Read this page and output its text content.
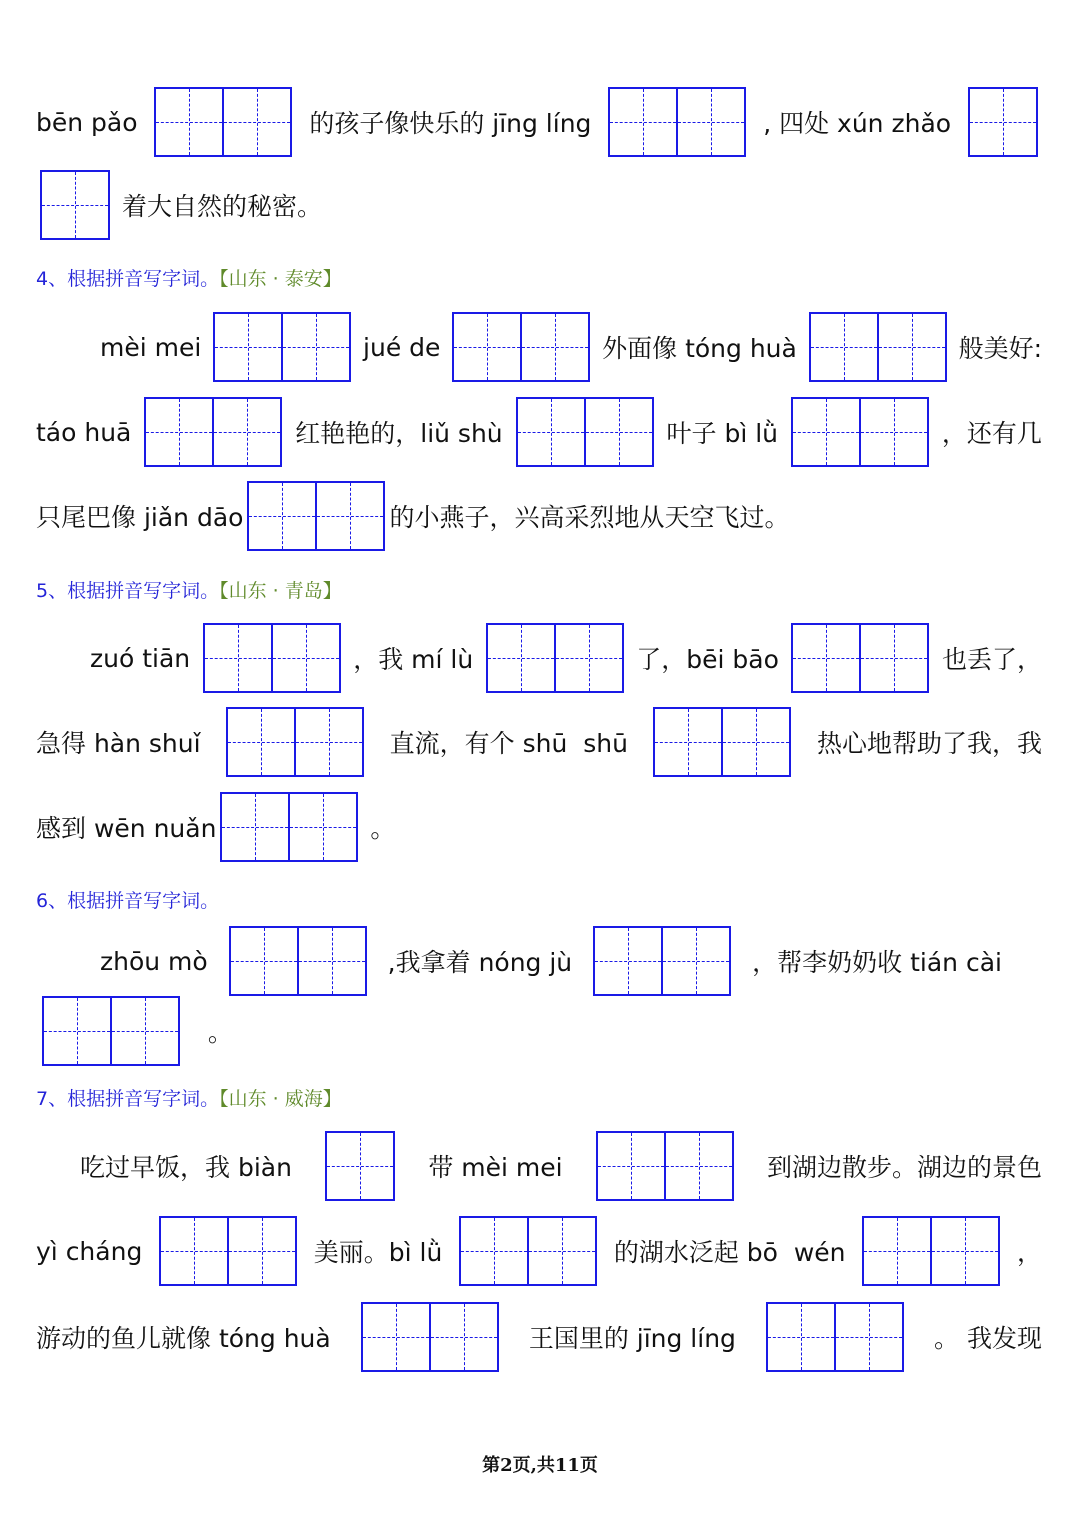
bēn pǎo	的孩子像快乐的 jīng líng	, 四处 xún zhǎo
着大自然的秘密。
4、根据拼音写字词。【山东 · 泰安】
mèi mei	jué de	外面像 tóng huà	般美好:
táo huā	红艳艳的，liǔ shù	叶子 bì lǜ	，还有几
只尾巴像 jiǎn dāo	的小燕子，兴高采烈地从天空飞过。
5、根据拼音写字词。【山东 · 青岛】
zuó tiān	，我 mí lù	了，bēi bāo	也丢了，
急得 hàn shuǐ	直流，有个 shū  shū	热心地帮助了我，我
感到 wēn nuǎn	。
6、根据拼音写字词。
zhōu mò	,我拿着 nóng jù	，帮李奶奶收 tián cài
。
7、根据拼音写字词。【山东 · 威海】
吃过早饭，我 biàn	带 mèi mei	到湖边散步。湖边的景色
yì cháng	美丽。bì lǜ	的湖水泛起 bō  wén	，
游动的鱼儿就像 tóng huà	王国里的 jīng líng	。 我发现
第2页,共11页
